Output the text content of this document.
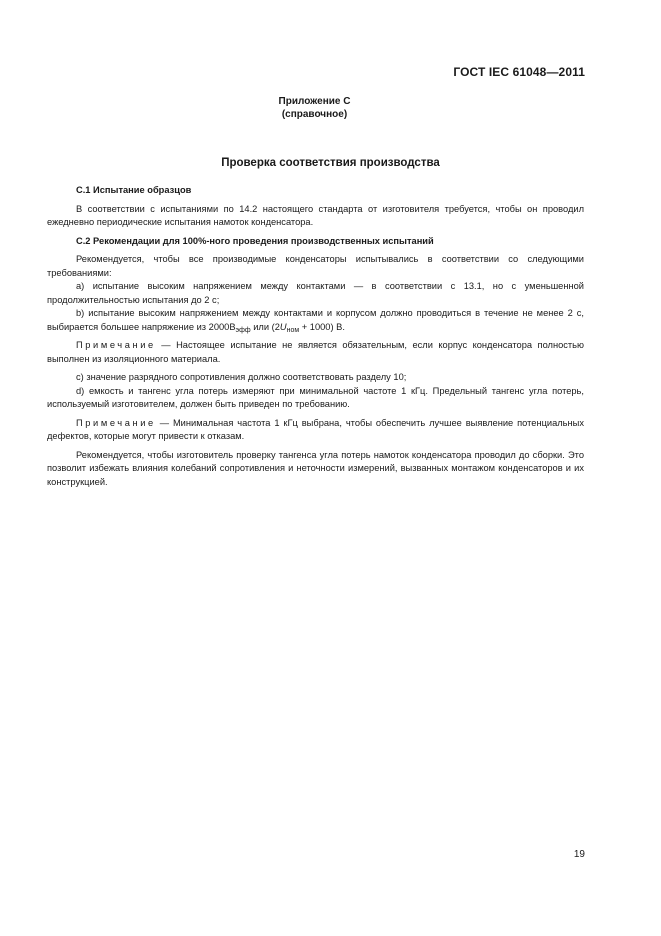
ГОСТ IEC 61048—2011
Приложение С
(справочное)
Проверка соответствия производства

С.1 Испытание образцов

В соответствии с испытаниями по 14.2 настоящего стандарта от изготовителя требуется, чтобы он проводил ежедневно периодические испытания намоток конденсатора.

С.2 Рекомендации для 100%-ного проведения производственных испытаний

Рекомендуется, чтобы все производимые конденсаторы испытывались в соответствии со следующими требованиями:

а) испытание высоким напряжением между контактами — в соответствии с 13.1, но с уменьшенной продолжительностью испытания до 2 с;

b) испытание высоким напряжением между контактами и корпусом должно проводиться в течение не менее 2 с, выбирается большее напряжение из $2000В_{эфф}$ или $(2U_{ном} + 1000)$ В.

Примечание — Настоящее испытание не является обязательным, если корпус конденсатора полностью выполнен из изоляционного материала.

с) значение разрядного сопротивления должно соответствовать разделу 10;

d) емкость и тангенс угла потерь измеряют при минимальной частоте 1 кГц. Предельный тангенс угла потерь, используемый изготовителем, должен быть приведен по требованию.

Примечание — Минимальная частота 1 кГц выбрана, чтобы обеспечить лучшее выявление потенциальных дефектов, которые могут привести к отказам.

Рекомендуется, чтобы изготовитель проверку тангенса угла потерь намоток конденсатора проводил до сборки. Это позволит избежать влияния колебаний сопротивления и неточности измерений, вызванных монтажом конденсаторов и их конструкцией.

19
